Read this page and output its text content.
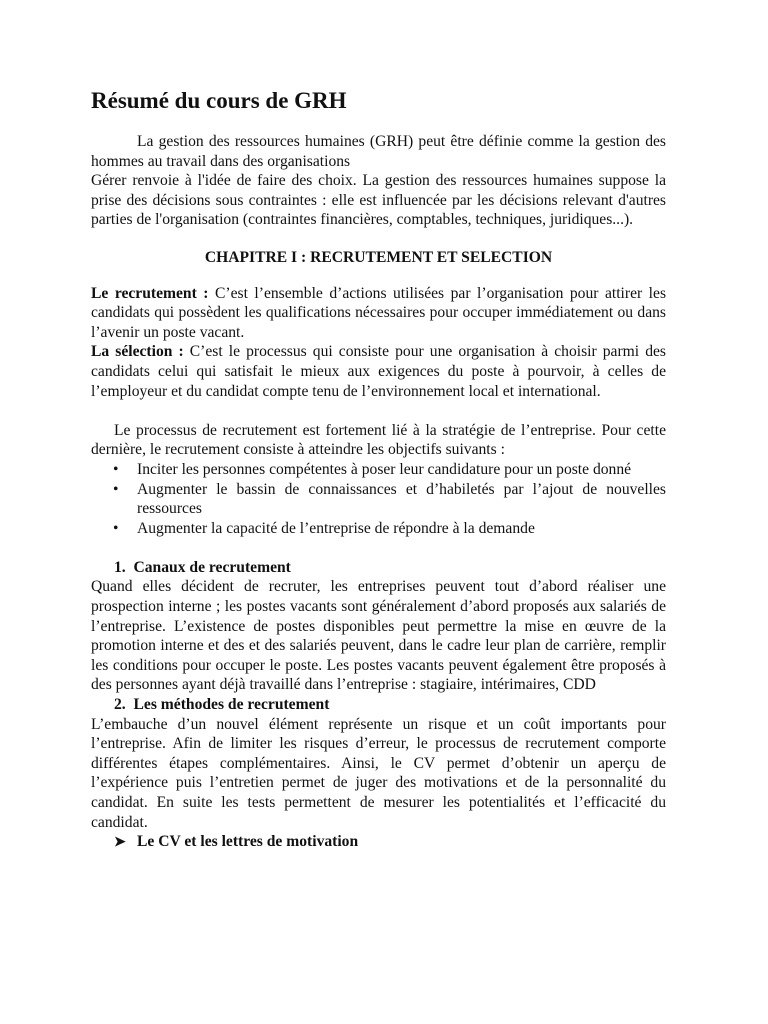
Résumé du cours de GRH

La gestion des ressources humaines (GRH) peut être définie comme la gestion des hommes au travail dans des organisations

Gérer renvoie à l'idée de faire des choix. La gestion des ressources humaines suppose la prise des décisions sous contraintes : elle est influencée par les décisions relevant d'autres parties de l'organisation (contraintes financières, comptables, techniques, juridiques...).

CHAPITRE I : RECRUTEMENT ET SELECTION

Le recrutement : C’est l’ensemble d’actions utilisées par l’organisation pour attirer les candidats qui possèdent les qualifications nécessaires pour occuper immédiatement ou dans l’avenir un poste vacant.

La sélection : C’est le processus qui consiste pour une organisation à choisir parmi des candidats celui qui satisfait le mieux aux exigences du poste à pourvoir, à celles de l’employeur et du candidat compte tenu de l’environnement local et international.

Le processus de recrutement est fortement lié à la stratégie de l’entreprise. Pour cette dernière, le recrutement consiste à atteindre les objectifs suivants :

• Inciter les personnes compétentes à poser leur candidature pour un poste donné
• Augmenter le bassin de connaissances et d’habiletés par l’ajout de nouvelles ressources
• Augmenter la capacité de l’entreprise de répondre à la demande
1. Canaux de recrutement

Quand elles décident de recruter, les entreprises peuvent tout d’abord réaliser une prospection interne ; les postes vacants sont généralement d’abord proposés aux salariés de l’entreprise. L’existence de postes disponibles peut permettre la mise en œuvre de la promotion interne et des et des salariés peuvent, dans le cadre leur plan de carrière, remplir les conditions pour occuper le poste. Les postes vacants peuvent également être proposés à des personnes ayant déjà travaillé dans l’entreprise : stagiaire, intérimaires, CDD

2. Les méthodes de recrutement

L’embauche d’un nouvel élément représente un risque et un coût importants pour l’entreprise. Afin de limiter les risques d’erreur, le processus de recrutement comporte différentes étapes complémentaires. Ainsi, le CV permet d’obtenir un aperçu de l’expérience puis l’entretien permet de juger des motivations et de la personnalité du candidat. En suite les tests permettent de mesurer les potentialités et l’efficacité du candidat.

➤ Le CV et les lettres de motivation
